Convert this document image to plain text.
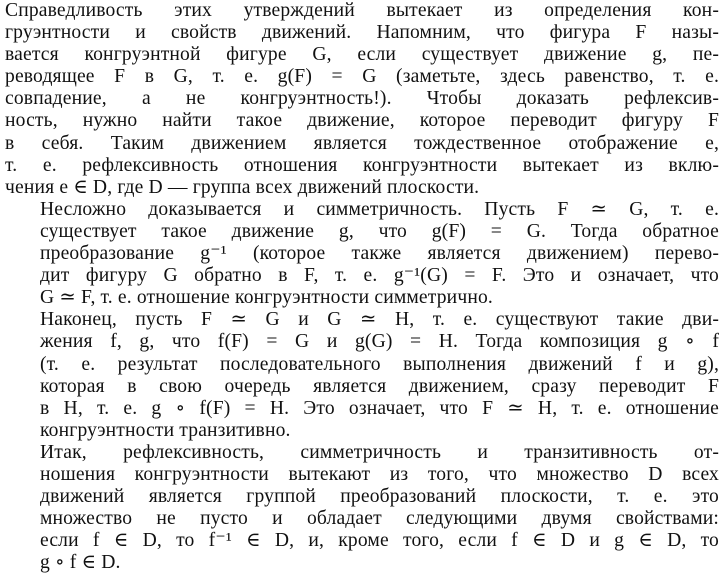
Справедливость этих утверждений вытекает из определения кон-
груэнтности и свойств движений. Напомним, что фигура F назы-
вается конгруэнтной фигуре G, если существует движение g, пе-
реводящее F в G, т. е. g(F) = G (заметьте, здесь равенство, т. е.
совпадение, а не конгруэнтность!). Чтобы доказать рефлексив-
ность, нужно найти такое движение, которое переводит фигуру F
в себя. Таким движением является тождественное отображение e,
т. е. рефлексивность отношения конгруэнтности вытекает из вклю-
чения e ∈ D, где D — группа всех движений плоскости.

Несложно доказывается и симметричность. Пусть F ≃ G, т. е.
существует такое движение g, что g(F) = G. Тогда обратное
преобразование g⁻¹ (которое также является движением) перево-
дит фигуру G обратно в F, т. е. g⁻¹(G) = F. Это и означает, что
G ≃ F, т. е. отношение конгруэнтности симметрично.

Наконец, пусть F ≃ G и G ≃ H, т. е. существуют такие дви-
жения f, g, что f(F) = G и g(G) = H. Тогда композиция g ∘ f
(т. е. результат последовательного выполнения движений f и g),
которая в свою очередь является движением, сразу переводит F
в H, т. е. g ∘ f(F) = H. Это означает, что F ≃ H, т. е. отношение
конгруэнтности транзитивно.

Итак, рефлексивность, симметричность и транзитивность от-
ношения конгруэнтности вытекают из того, что множество D всех
движений является группой преобразований плоскости, т. е. это
множество не пусто и обладает следующими двумя свойствами:
если f ∈ D, то f⁻¹ ∈ D, и, кроме того, если f ∈ D и g ∈ D, то
g ∘ f ∈ D.
